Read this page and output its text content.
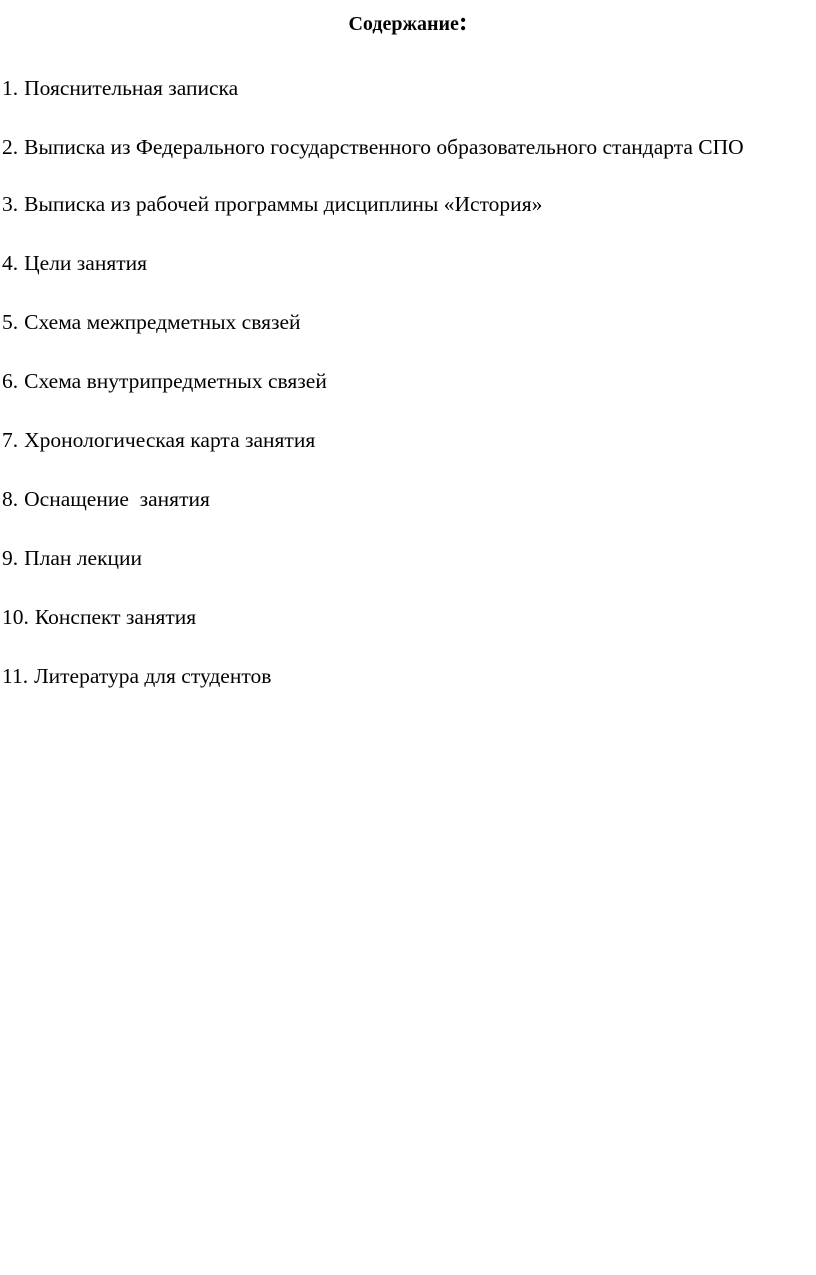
Содержание:
1. Пояснительная записка
2. Выписка из Федерального государственного образовательного стандарта СПО
3. Выписка из рабочей программы дисциплины «История»
4. Цели занятия
5. Схема межпредметных связей
6. Схема внутрипредметных связей
7. Хронологическая карта занятия
8. Оснащение  занятия
9. План лекции
10. Конспект занятия
11. Литература для студентов
